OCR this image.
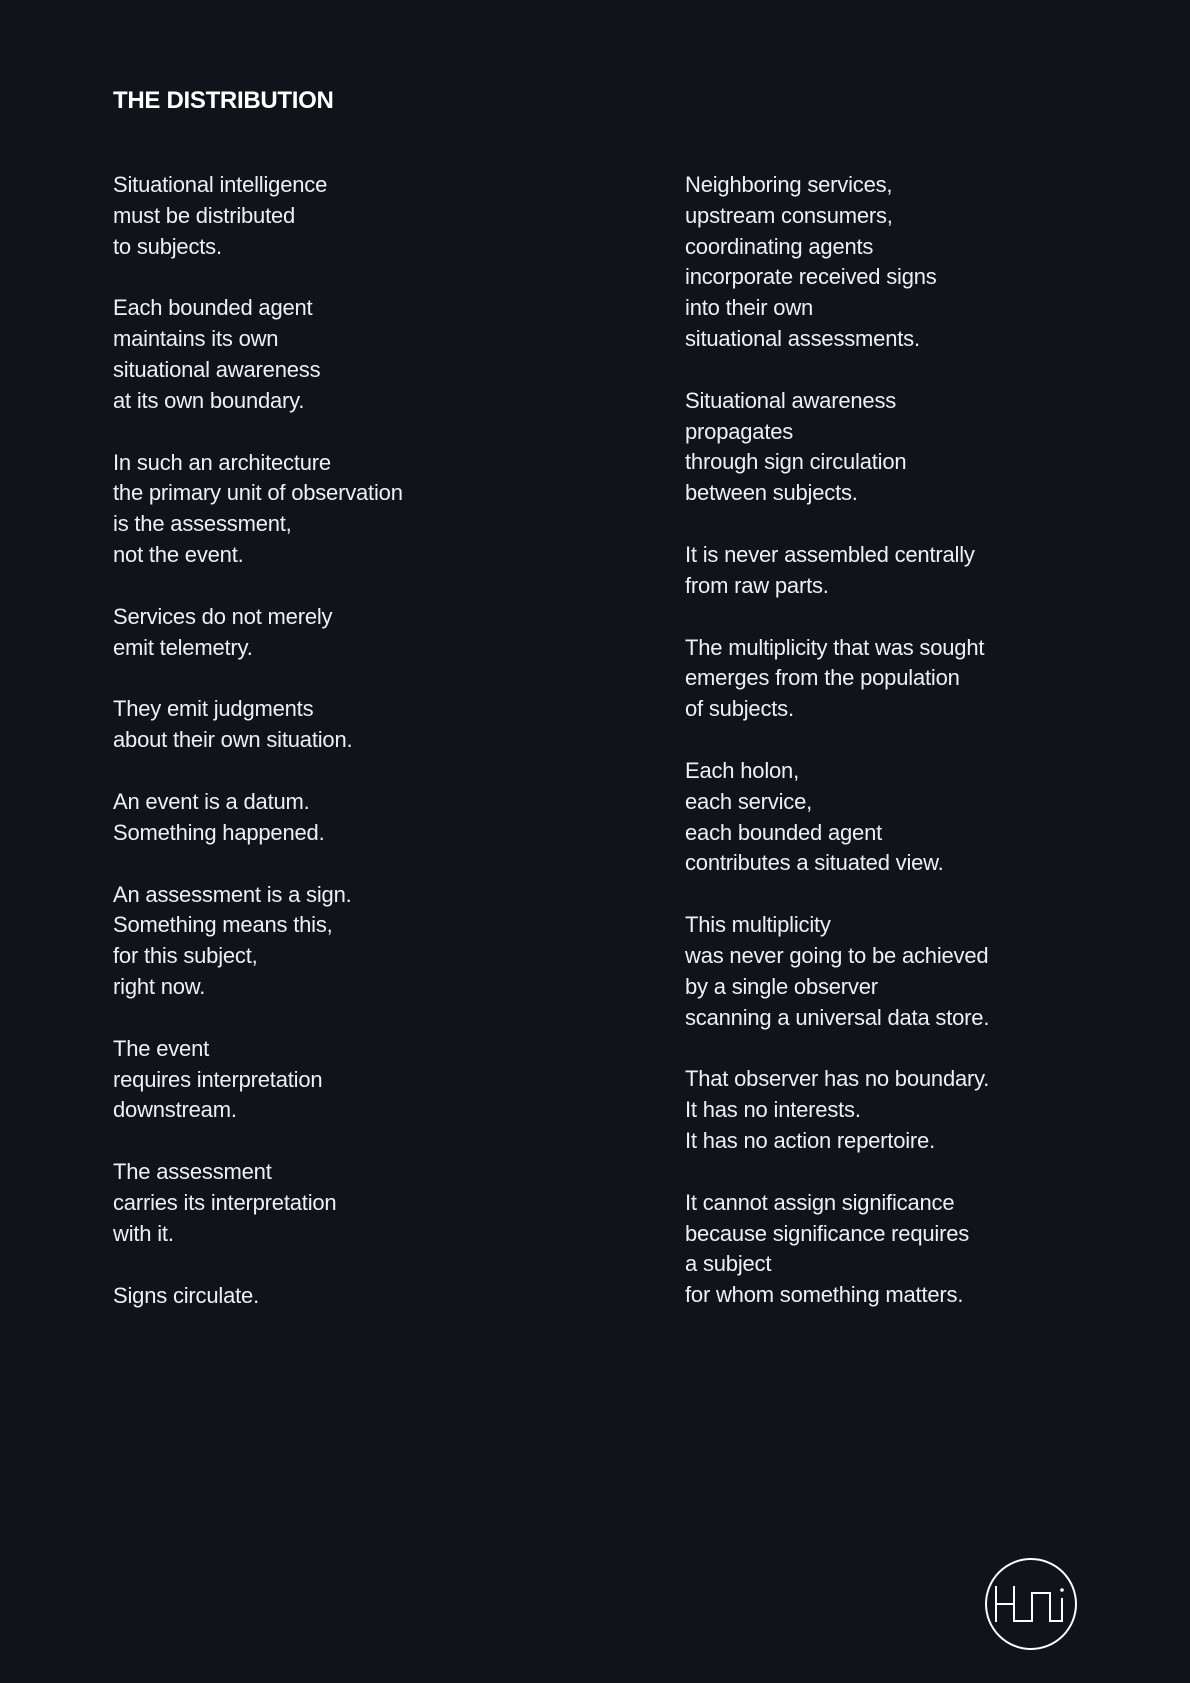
THE DISTRIBUTION
Situational intelligence
must be distributed
to subjects.
Each bounded agent
maintains its own
situational awareness
at its own boundary.
In such an architecture
the primary unit of observation
is the assessment,
not the event.
Services do not merely
emit telemetry.
They emit judgments
about their own situation.
An event is a datum.
Something happened.
An assessment is a sign.
Something means this,
for this subject,
right now.
The event
requires interpretation
downstream.
The assessment
carries its interpretation
with it.
Signs circulate.
Neighboring services,
upstream consumers,
coordinating agents
incorporate received signs
into their own
situational assessments.
Situational awareness
propagates
through sign circulation
between subjects.
It is never assembled centrally
from raw parts.
The multiplicity that was sought
emerges from the population
of subjects.
Each holon,
each service,
each bounded agent
contributes a situated view.
This multiplicity
was never going to be achieved
by a single observer
scanning a universal data store.
That observer has no boundary.
It has no interests.
It has no action repertoire.
It cannot assign significance
because significance requires
a subject
for whom something matters.
